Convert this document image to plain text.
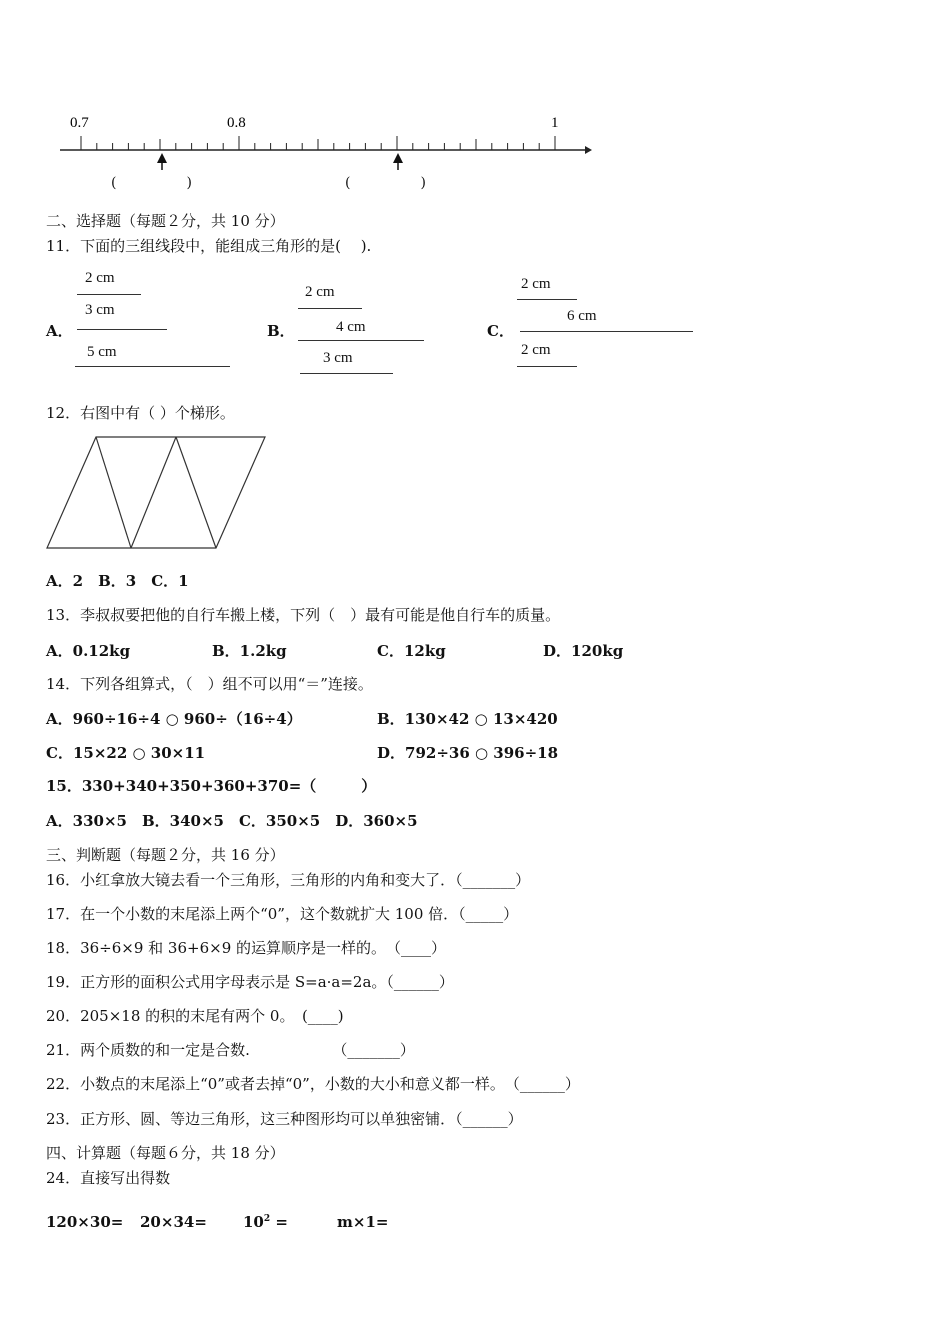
0.7	0.8	1
(　　　　　)	(　　　　　)
二、选择题（每题２分，共 10 分）
11．下面的三组线段中，能组成三角形的是(　 ).
A．
2 cm
3 cm
5 cm
B．
2 cm
4 cm
3 cm
C．
2 cm
6 cm
2 cm
12．右图中有（ ）个梯形。
A．2　B．3　C．1
13．李叔叔要把他的自行车搬上楼，下列（　）最有可能是他自行车的质量。
A．0.12kg	B．1.2kg	C．12kg	D．120kg
14．下列各组算式，（　）组不可以用“＝”连接。
A．960÷16÷4 ○ 960÷（16÷4）	B．130×42 ○ 13×420
C．15×22 ○ 30×11	D．792÷36 ○ 396÷18
15．330+340+350+360+370=（　　　）
A．330×5　B．340×5　C．350×5　D．360×5
三、判断题（每题２分，共 16 分）
16．小红拿放大镜去看一个三角形，三角形的内角和变大了．（_______）
17．在一个小数的末尾添上两个“0”，这个数就扩大 100 倍．（_____）
18．36÷6×9 和 36+6×9 的运算顺序是一样的。　（____）
19．正方形的面积公式用字母表示是 S=a·a=2a。（______）
20．205×18 的积的末尾有两个 0。　(____)
21．两个质数的和一定是合数.　　　　　　（_______）
22．小数点的末尾添上“0”或者去掉“0”，小数的大小和意义都一样。　（______）
23．正方形、圆、等边三角形，这三种图形均可以单独密铺．（______）
四、计算题（每题６分，共 18 分）
24．直接写出得数
$120\times 30= 20\times 34= 10^2$ =	m×1=
